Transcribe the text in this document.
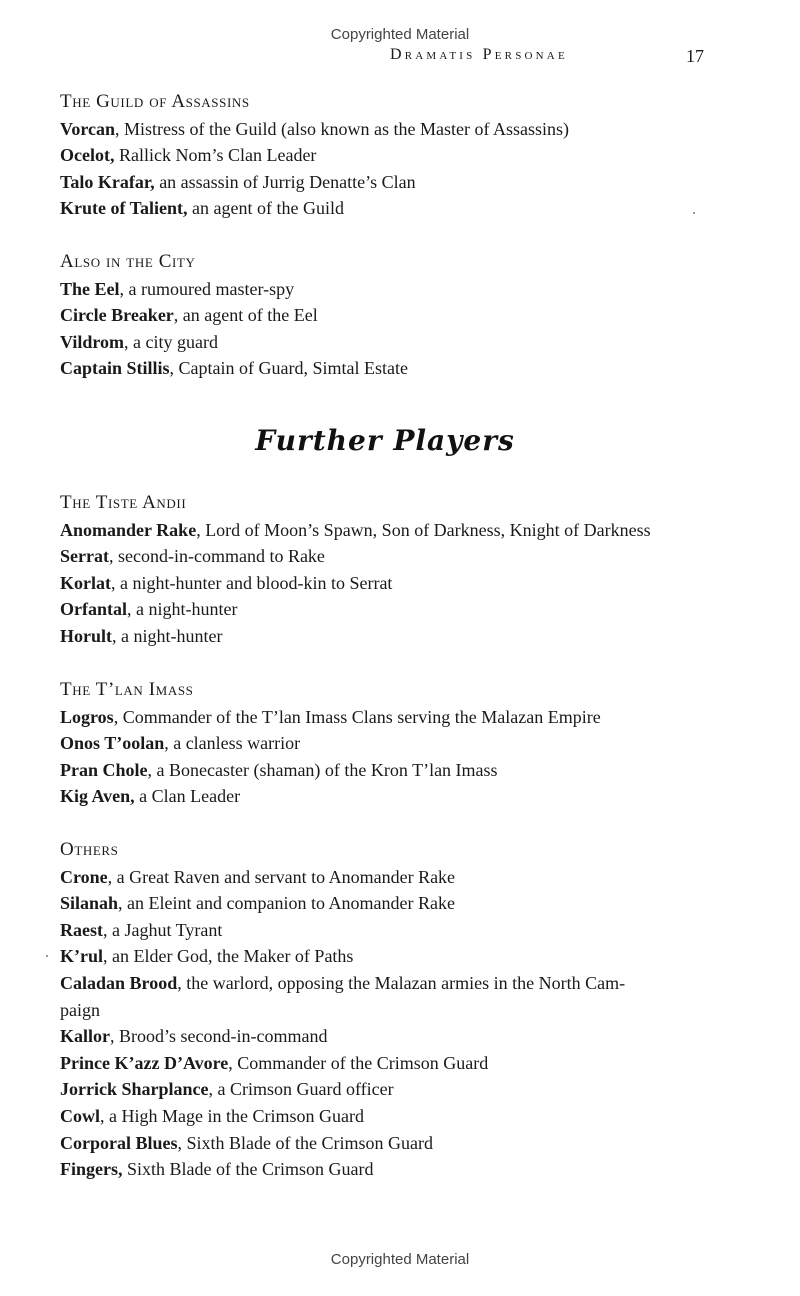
Copyrighted Material
Dramatis Personae	17

The Guild of Assassins

Vorcan, Mistress of the Guild (also known as the Master of Assassins)

Ocelot, Rallick Nom’s Clan Leader

Talo Krafar, an assassin of Jurrig Denatte’s Clan

Krute of Talient, an agent of the Guild

Also in the City

The Eel, a rumoured master-spy

Circle Breaker, an agent of the Eel

Vildrom, a city guard

Captain Stillis, Captain of Guard, Simtal Estate

Further Players

The Tiste Andii

Anomander Rake, Lord of Moon’s Spawn, Son of Darkness, Knight of Darkness

Serrat, second-in-command to Rake

Korlat, a night-hunter and blood-kin to Serrat

Orfantal, a night-hunter

Horult, a night-hunter

The T’lan Imass

Logros, Commander of the T’lan Imass Clans serving the Malazan Empire

Onos T’oolan, a clanless warrior

Pran Chole, a Bonecaster (shaman) of the Kron T’lan Imass

Kig Aven, a Clan Leader

Others

Crone, a Great Raven and servant to Anomander Rake

Silanah, an Eleint and companion to Anomander Rake

Raest, a Jaghut Tyrant

K’rul, an Elder God, the Maker of Paths

Caladan Brood, the warlord, opposing the Malazan armies in the North Cam-

paign

Kallor, Brood’s second-in-command

Prince K’azz D’Avore, Commander of the Crimson Guard

Jorrick Sharplance, a Crimson Guard officer

Cowl, a High Mage in the Crimson Guard

Corporal Blues, Sixth Blade of the Crimson Guard

Fingers, Sixth Blade of the Crimson Guard

Copyrighted Material
